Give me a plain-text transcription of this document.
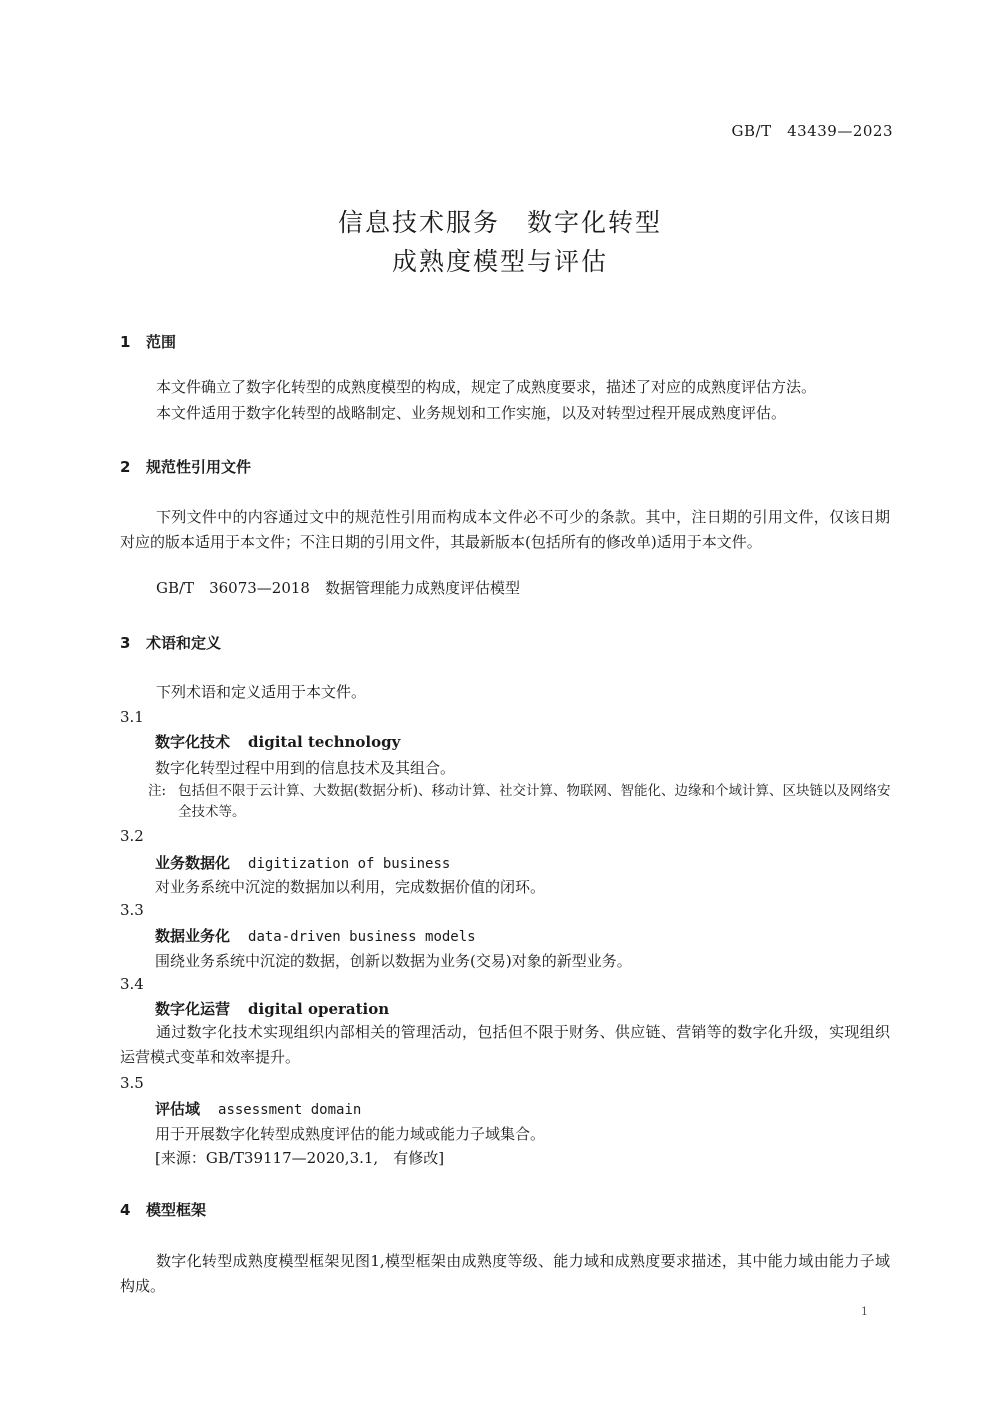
GB/T　43439—2023
信息技术服务　数字化转型
成熟度模型与评估
1 范围
本文件确立了数字化转型的成熟度模型的构成，规定了成熟度要求，描述了对应的成熟度评估方法。
本文件适用于数字化转型的战略制定、业务规划和工作实施，以及对转型过程开展成熟度评估。
2 规范性引用文件
下列文件中的内容通过文中的规范性引用而构成本文件必不可少的条款。其中，注日期的引用文件，仅该日期对应的版本适用于本文件；不注日期的引用文件，其最新版本(包括所有的修改单)适用于本文件。
GB/T　36073—2018　数据管理能力成熟度评估模型
3 术语和定义
下列术语和定义适用于本文件。
3.1
数字化技术 digital technology
数字化转型过程中用到的信息技术及其组合。
注: 包括但不限于云计算、大数据(数据分析)、移动计算、社交计算、物联网、智能化、边缘和个域计算、区块链以及网络安全技术等。
3.2
业务数据化 digitization of business
对业务系统中沉淀的数据加以利用，完成数据价值的闭环。
3.3
数据业务化 data-driven business models
围绕业务系统中沉淀的数据，创新以数据为业务(交易)对象的新型业务。
3.4
数字化运营 digital operation
通过数字化技术实现组织内部相关的管理活动，包括但不限于财务、供应链、营销等的数字化升级，实现组织运营模式变革和效率提升。
3.5
评估域 assessment domain
用于开展数字化转型成熟度评估的能力域或能力子域集合。
[来源：GB/T39117—2020,3.1,　有修改]
4 模型框架
数字化转型成熟度模型框架见图1,模型框架由成熟度等级、能力域和成熟度要求描述，其中能力域由能力子域构成。
1
